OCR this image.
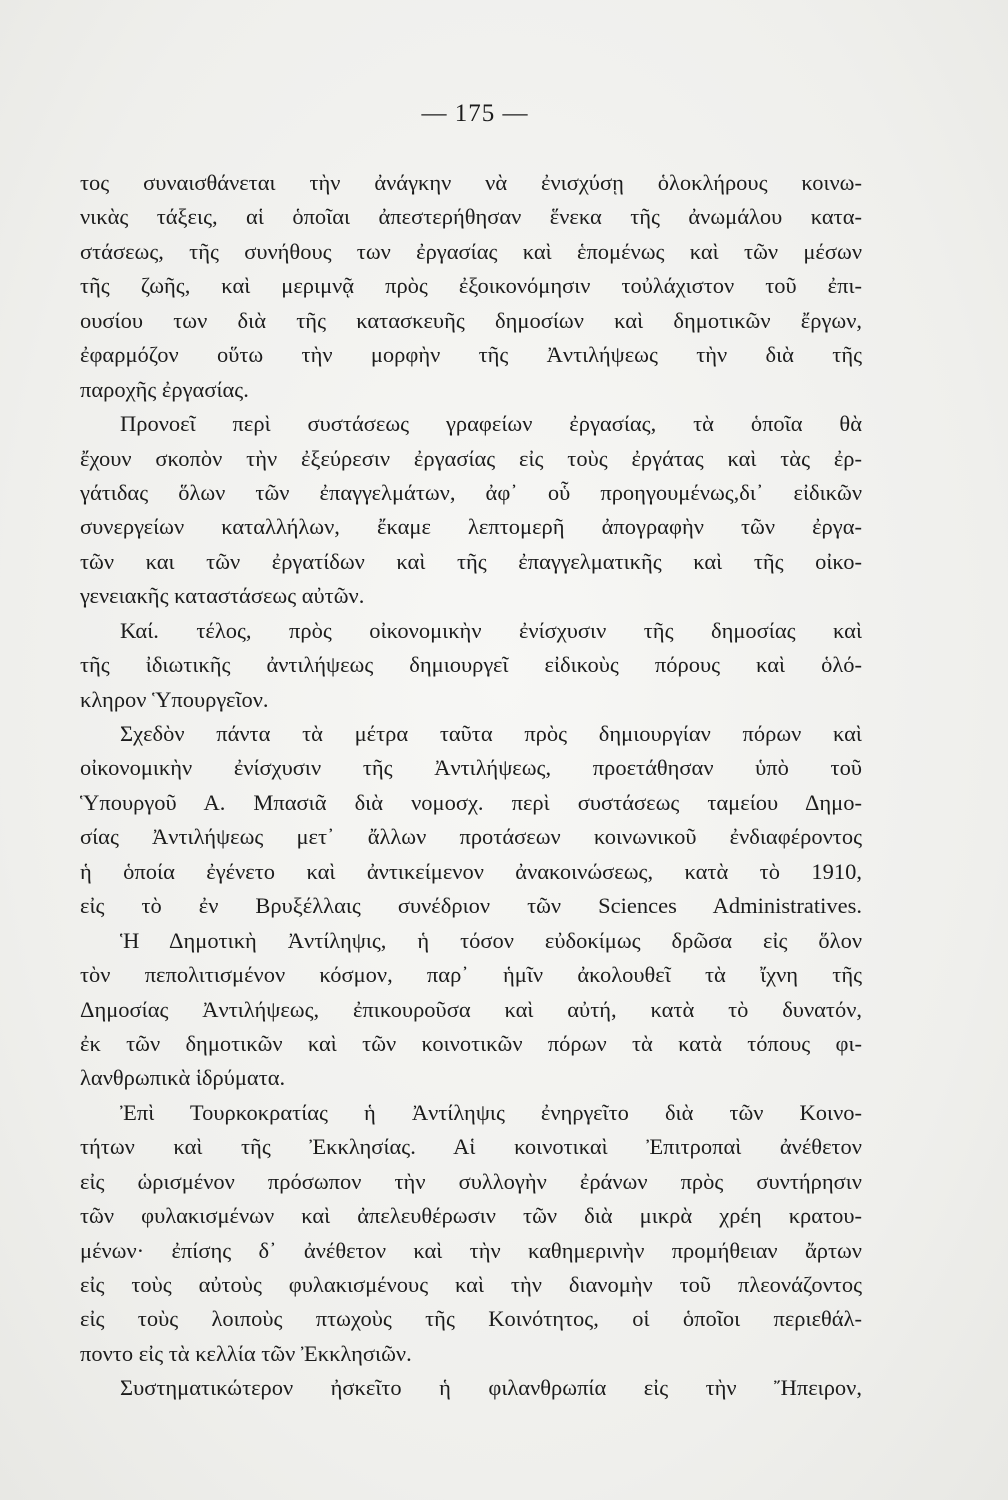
— 175 —
τος συναισθάνεται τὴν ἀνάγκην νὰ ἐνισχύσῃ ὁλοκλήρους κοινω-
νικὰς τάξεις, αἱ ὁποῖαι ἀπεστερήθησαν ἕνεκα τῆς ἀνωμάλου κατα-
στάσεως, τῆς συνήθους των ἐργασίας καὶ ἑπομένως καὶ τῶν μέσων
τῆς ζωῆς, καὶ μεριμνᾷ πρὸς ἐξοικονόμησιν τοὐλάχιστον τοῦ ἐπι-
ουσίου των διὰ τῆς κατασκευῆς δημοσίων καὶ δημοτικῶν ἔργων,
ἐφαρμόζον οὕτω τὴν μορφὴν τῆς Ἀντιλήψεως τὴν διὰ τῆς
παροχῆς ἐργασίας.
Προνοεῖ περὶ συστάσεως γραφείων ἐργασίας, τὰ ὁποῖα θὰ
ἔχουν σκοπὸν τὴν ἐξεύρεσιν ἐργασίας εἰς τοὺς ἐργάτας καὶ τὰς ἐρ-
γάτιδας ὅλων τῶν ἐπαγγελμάτων, ἀφ᾽ οὗ προηγουμένως,δι᾽ εἰδικῶν
συνεργείων καταλλήλων, ἔκαμε λεπτομερῆ ἀπογραφὴν τῶν ἐργα-
τῶν και τῶν ἐργατίδων καὶ τῆς ἐπαγγελματικῆς καὶ τῆς οἰκο-
γενειακῆς καταστάσεως αὐτῶν.
Καί. τέλος, πρὸς οἰκονομικὴν ἐνίσχυσιν τῆς δημοσίας καὶ
τῆς ἰδιωτικῆς ἀντιλήψεως δημιουργεῖ εἰδικοὺς πόρους καὶ ὁλό-
κληρον Ὑπουργεῖον.
Σχεδὸν πάντα τὰ μέτρα ταῦτα πρὸς δημιουργίαν πόρων καὶ
οἰκονομικὴν ἐνίσχυσιν τῆς Ἀντιλήψεως, προετάθησαν ὑπὸ τοῦ
Ὑπουργοῦ Α. Μπασιᾶ διὰ νομοσχ. περὶ συστάσεως ταμείου Δημο-
σίας Ἀντιλήψεως μετ᾽ ἄλλων προτάσεων κοινωνικοῦ ἐνδιαφέροντος
ἡ ὁποία ἐγένετο καὶ ἀντικείμενον ἀνακοινώσεως, κατὰ τὸ 1910,
εἰς τὸ ἐν Βρυξέλλαις συνέδριον τῶν Sciences Administratives.
Ἡ Δημοτικὴ Ἀντίληψις, ἡ τόσον εὐδοκίμως δρῶσα εἰς ὅλον
τὸν πεπολιτισμένον κόσμον, παρ᾽ ἡμῖν ἀκολουθεῖ τὰ ἴχνη τῆς
Δημοσίας Ἀντιλήψεως, ἐπικουροῦσα καὶ αὐτή, κατὰ τὸ δυνατόν,
ἐκ τῶν δημοτικῶν καὶ τῶν κοινοτικῶν πόρων τὰ κατὰ τόπους φι-
λανθρωπικὰ ἱδρύματα.
Ἐπὶ Τουρκοκρατίας ἡ Ἀντίληψις ἐνηργεῖτο διὰ τῶν Κοινο-
τήτων καὶ τῆς Ἐκκλησίας. Αἱ κοινοτικαὶ Ἐπιτροπαὶ ἀνέθετον
εἰς ὡρισμένον πρόσωπον τὴν συλλογὴν ἐράνων πρὸς συντήρησιν
τῶν φυλακισμένων καὶ ἀπελευθέρωσιν τῶν διὰ μικρὰ χρέη κρατου-
μένων· ἐπίσης δ᾽ ἀνέθετον καὶ τὴν καθημερινὴν προμήθειαν ἄρτων
εἰς τοὺς αὐτοὺς φυλακισμένους καὶ τὴν διανομὴν τοῦ πλεονάζοντος
εἰς τοὺς λοιποὺς πτωχοὺς τῆς Κοινότητος, οἱ ὁποῖοι περιεθάλ-
ποντο εἰς τὰ κελλία τῶν Ἐκκλησιῶν.
Συστηματικώτερον ἠσκεῖτο ἡ φιλανθρωπία εἰς τὴν Ἤπειρον,
